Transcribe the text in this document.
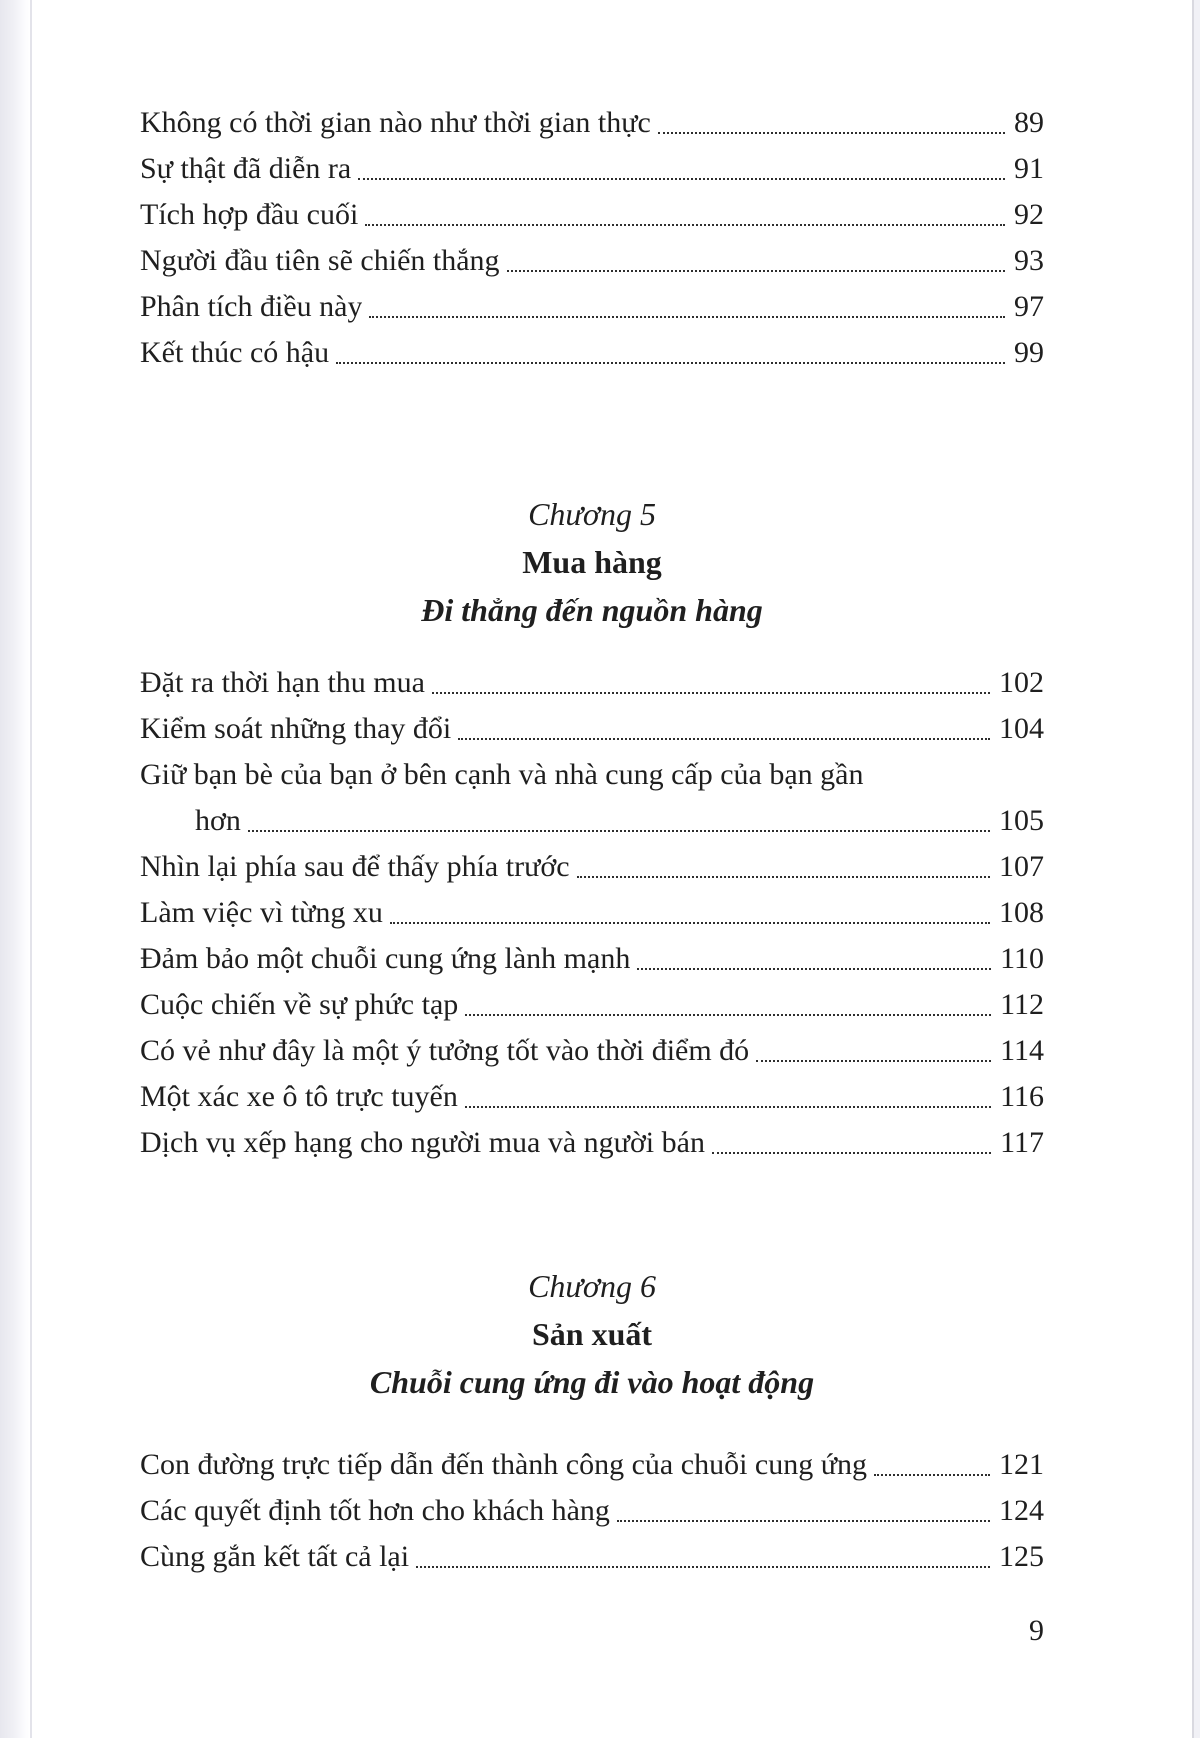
Không có thời gian nào như thời gian thực	89
Sự thật đã diễn ra	91
Tích hợp đầu cuối	92
Người đầu tiên sẽ chiến thắng	93
Phân tích điều này	97
Kết thúc có hậu	99
Chương 5
Mua hàng
Đi thẳng đến nguồn hàng
Đặt ra thời hạn thu mua	102
Kiểm soát những thay đổi	104
Giữ bạn bè của bạn ở bên cạnh và nhà cung cấp của bạn gần
hơn	105
Nhìn lại phía sau để thấy phía trước	107
Làm việc vì từng xu	108
Đảm bảo một chuỗi cung ứng lành mạnh	110
Cuộc chiến về sự phức tạp	112
Có vẻ như đây là một ý tưởng tốt vào thời điểm đó	114
Một xác xe ô tô trực tuyến	116
Dịch vụ xếp hạng cho người mua và người bán	117
Chương 6
Sản xuất
Chuỗi cung ứng đi vào hoạt động
Con đường trực tiếp dẫn đến thành công của chuỗi cung ứng	121
Các quyết định tốt hơn cho khách hàng	124
Cùng gắn kết tất cả lại	125
9
